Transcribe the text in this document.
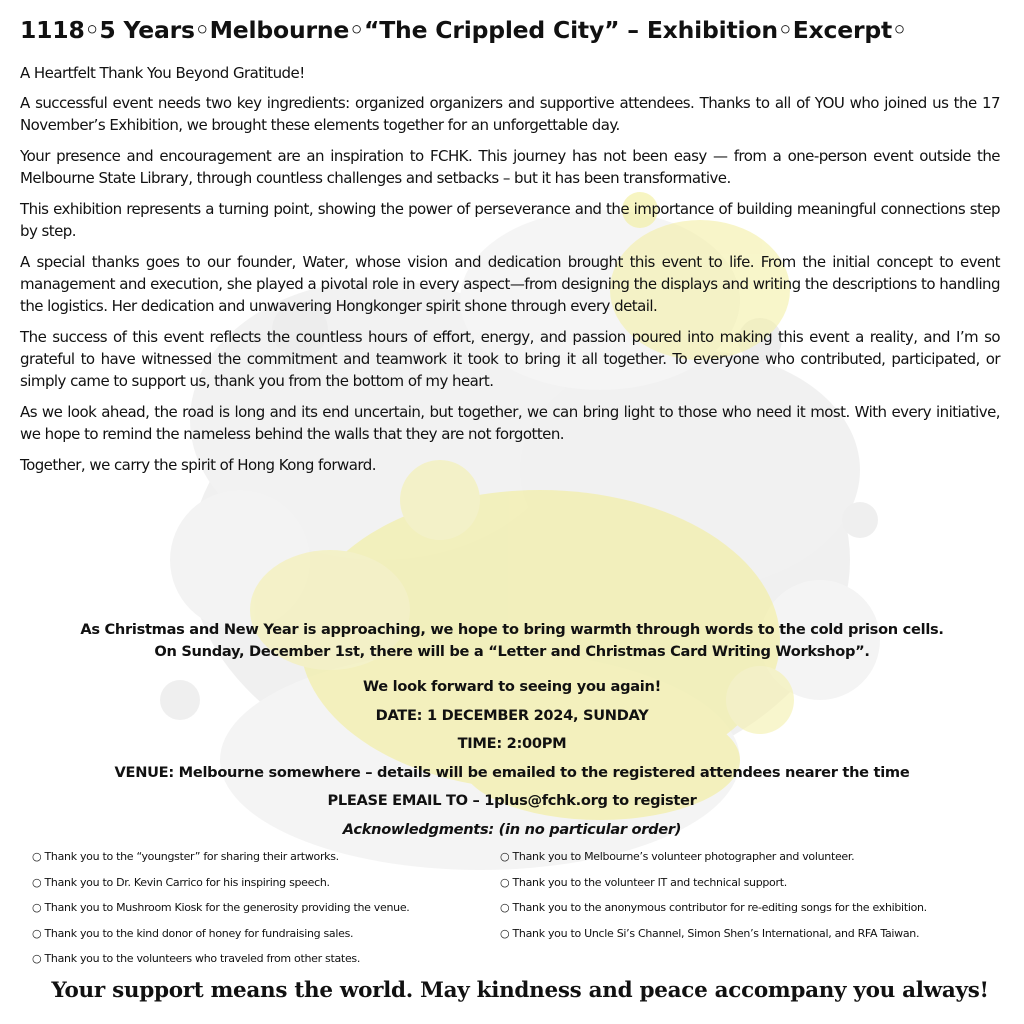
1118◦5 Years◦Melbourne◦“The Crippled City” – Exhibition◦Excerpt◦

A Heartfelt Thank You Beyond Gratitude!

A successful event needs two key ingredients: organized organizers and supportive attendees. Thanks to all of YOU who joined us the 17 November’s Exhibition, we brought these elements together for an unforgettable day.

Your presence and encouragement are an inspiration to FCHK. This journey has not been easy — from a one-person event outside the Melbourne State Library, through countless challenges and setbacks – but it has been transformative.

This exhibition represents a turning point, showing the power of perseverance and the importance of building meaningful connections step by step.

A special thanks goes to our founder, Water, whose vision and dedication brought this event to life. From the initial concept to event management and execution, she played a pivotal role in every aspect—from designing the displays and writing the descriptions to handling the logistics. Her dedication and unwavering Hongkonger spirit shone through every detail.

The success of this event reflects the countless hours of effort, energy, and passion poured into making this event a reality, and I’m so grateful to have witnessed the commitment and teamwork it took to bring it all together. To everyone who contributed, participated, or simply came to support us, thank you from the bottom of my heart.

As we look ahead, the road is long and its end uncertain, but together, we can bring light to those who need it most. With every initiative, we hope to remind the nameless behind the walls that they are not forgotten.

Together, we carry the spirit of Hong Kong forward.

As Christmas and New Year is approaching, we hope to bring warmth through words to the cold prison cells.
On Sunday, December 1st, there will be a “Letter and Christmas Card Writing Workshop”.
We look forward to seeing you again!
DATE: 1 DECEMBER 2024, SUNDAY
TIME: 2:00PM
VENUE: Melbourne somewhere – details will be emailed to the registered attendees nearer the time
PLEASE EMAIL TO – 1plus@fchk.org to register
Acknowledgments: (in no particular order)
○ Thank you to the “youngster” for sharing their artworks.
○ Thank you to Dr. Kevin Carrico for his inspiring speech.
○ Thank you to Mushroom Kiosk for the generosity providing the venue.
○ Thank you to the kind donor of honey for fundraising sales.
○ Thank you to the volunteers who traveled from other states.
○ Thank you to Melbourne’s volunteer photographer and volunteer.
○ Thank you to the volunteer IT and technical support.
○ Thank you to the anonymous contributor for re-editing songs for the exhibition.
○ Thank you to Uncle Si’s Channel, Simon Shen’s International, and RFA Taiwan.
Your support means the world. May kindness and peace accompany you always!
